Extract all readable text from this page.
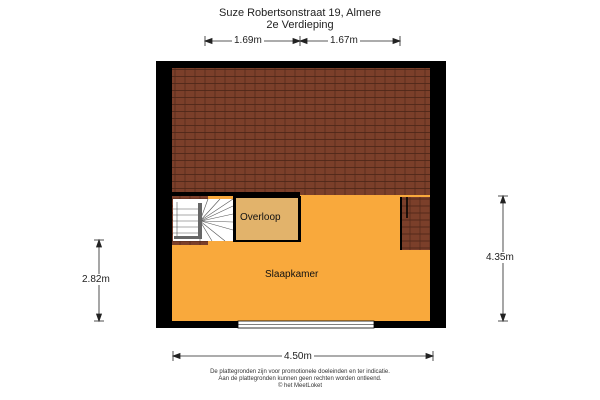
Suze Robertsonstraat 19, Almere
2e Verdieping
1.69m	1.67m
2.82m
4.35m
4.50m
Overloop
Slaapkamer
De plattegronden zijn voor promotionele doeleinden en ter indicatie.
Aan de plattegronden kunnen geen rechten worden ontleend.
© het MeetLoket
